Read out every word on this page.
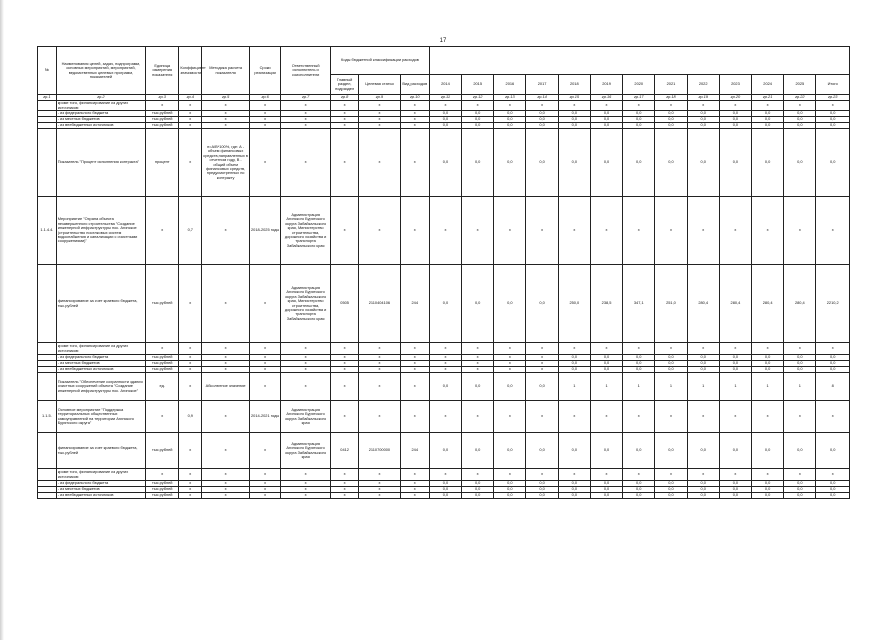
17
№	Наименования целей, задач, подпрограмм, основных мероприятий, мероприятий, ведомственных целевых программ, показателей	Единица измерения показателя	Коэффициент значимости	Методика расчета показателя	Сроки реализации	Ответственный исполнитель и соисполнители	Коды бюджетной классификации расходов															
							Главный раздел, подраздел	Целевая статья	Вид расходов	2014	2015	2016	2017	2018	2019	2020	2021	2022	2023	2024	2025	Итого
гр.1	гр.2	гр.3	гр.4	гр.5	гр.6	гр.7	гр.8	гр.9	гр.10	гр.11	гр.12	гр.13	гр.14	гр.15	гр.16	гр.17	гр.18	гр.19	гр.20	гр.21	гр.22	гр.23
	кроме того, финансирование из других источников:	х	х	х	х	х	х	х	х	х	х	х	х	х	х	х	х	х	х	х	х	х
	- из федерального бюджета	тыс.рублей	х	х	х	х	х	х	х	0,0	0,0	0,0	0,0	0,0	0,0	0,0	0,0	0,0	0,0	0,0	0,0	0,0
	- из местных бюджетов	тыс.рублей	х	х	х	х	х	х	х	0,0	0,0	0,0	0,0	0,0	0,0	0,0	0,0	0,0	0,0	0,0	0,0	0,0
	- из внебюджетных источников	тыс.рублей	х	х	х	х	х	х	х	0,0	0,0	0,0	0,0	0,0	0,0	0,0	0,0	0,0	0,0	0,0	0,0	0,0
	Показатель "Процент исполнения контракта"	процент	х	п=А/В*100%, где: А - объем финансовых средств,направленных в отчетном году, В - общий объем финансовых средств, предусмотренных по контракту	х	х	х	х	х	0,0	0,0	0,0	0,0	0,0	0,0	0,0	0,0	0,0	0,0	0,0	0,0	0,0
1.1.4.4.	Мероприятие "Охрана объекта незавершенного строительства "Создание инженерной инфраструктуры пос. Агинское (строительство поселковых систем водоснабжения и канализации с очистными сооружениями)"	х	0,7	х	2018-2025 годы	Администрация Агинского Бурятского округа Забайкальского края, Министерство строительства, дорожного хозяйства и транспорта Забайкальского края	х	х	х	х	х	х	х	х	х	х	х	х	х	х	х	х
	финансирование за счет краевого бюджета, тыс.рублей	тыс.рублей	х	х	х	Администрация Агинского Бурятского округа Забайкальского края, Министерство строительства, дорожного хозяйства и транспорта Забайкальского края	0505	2110404106	244	0,0	0,0	0,0	0,0	250,0	238,5	347,1	251,0	280,4	280,4	280,4	280,4	2210,2
	кроме того, финансирование из других источников:	х	х	х	х	х	х	х	х	х	х	х	х	х	х	х	х	х	х	х	х	х
	- из федерального бюджета	тыс.рублей	х	х	х	х	х	х	х	х	х	х	х	0,0	0,0	0,0	0,0	0,0	0,0	0,0	0,0	0,0
	- из местных бюджетов	тыс.рублей	х	х	х	х	х	х	х	х	х	х	х	0,0	0,0	0,0	0,0	0,0	0,0	0,0	0,0	0,0
	- из внебюджетных источников	тыс.рублей	х	х	х	х	х	х	х	х	х	х	х	0,0	0,0	0,0	0,0	0,0	0,0	0,0	0,0	0,0
	Показатель "Обеспечение сохранности здания очистных сооружений объекта "Создание инженерной инфраструктуры пос. Агинское"	ед.	х	Абсолютное значение	х	х	х	х	х	0,0	0,0	0,0	0,0	1	1	1	1	1	1	1	1	8
1.1.5.	Основное мероприятие "Поддержка территориальных общественных самоуправлений на территории Агинского Бурятского округа"	х	0,9	х	2014-2021 годы	Администрация Агинского Бурятского округа Забайкальского края	х	х	х	х	х	х	х	х	х	х	х	х	х	х	х	х
	финансирование за счет краевого бюджета, тыс.рублей	тыс.рублей	х	х	х	Администрация Агинского Бурятского округа Забайкальского края	0412	2110700000	244	0,0	0,0	0,0	0,0	0,0	0,0	0,0	0,0	0,0	0,0	0,0	0,0	0,0
	кроме того, финансирование из других источников:	х	х	х	х	х	х	х	х	х	х	х	х	х	х	х	х	х	х	х	х	х
	- из федерального бюджета	тыс.рублей	х	х	х	х	х	х	х	0,0	0,0	0,0	0,0	0,0	0,0	0,0	0,0	0,0	0,0	0,0	0,0	0,0
	- из местных бюджетов	тыс.рублей	х	х	х	х	х	х	х	0,0	0,0	0,0	0,0	0,0	0,0	0,0	0,0	0,0	0,0	0,0	0,0	0,0
	- из внебюджетных источников	тыс.рублей	х	х	х	х	х	х	х	0,0	0,0	0,0	0,0	0,0	0,0	0,0	0,0	0,0	0,0	0,0	0,0	0,0
